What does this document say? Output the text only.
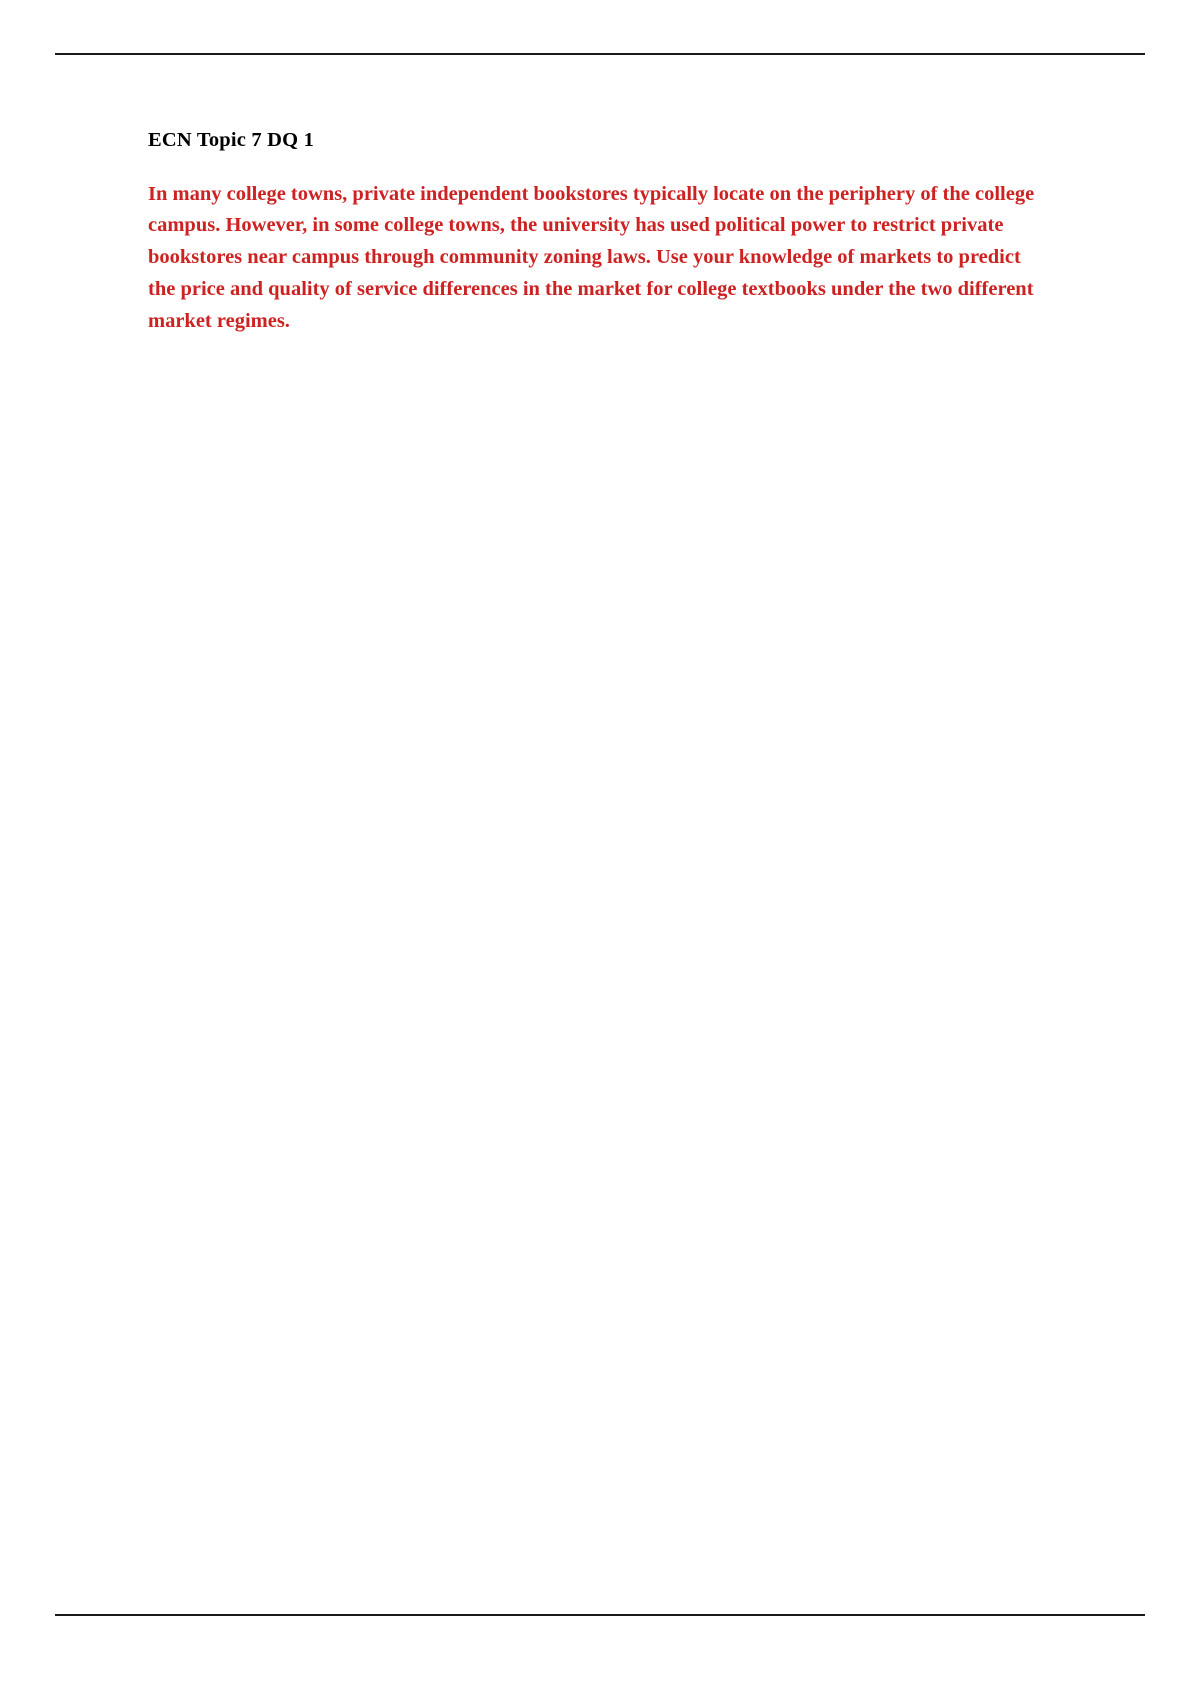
ECN Topic 7 DQ 1

In many college towns, private independent bookstores typically locate on the periphery of the college campus. However, in some college towns, the university has used political power to restrict private bookstores near campus through community zoning laws. Use your knowledge of markets to predict the price and quality of service differences in the market for college textbooks under the two different market regimes.
